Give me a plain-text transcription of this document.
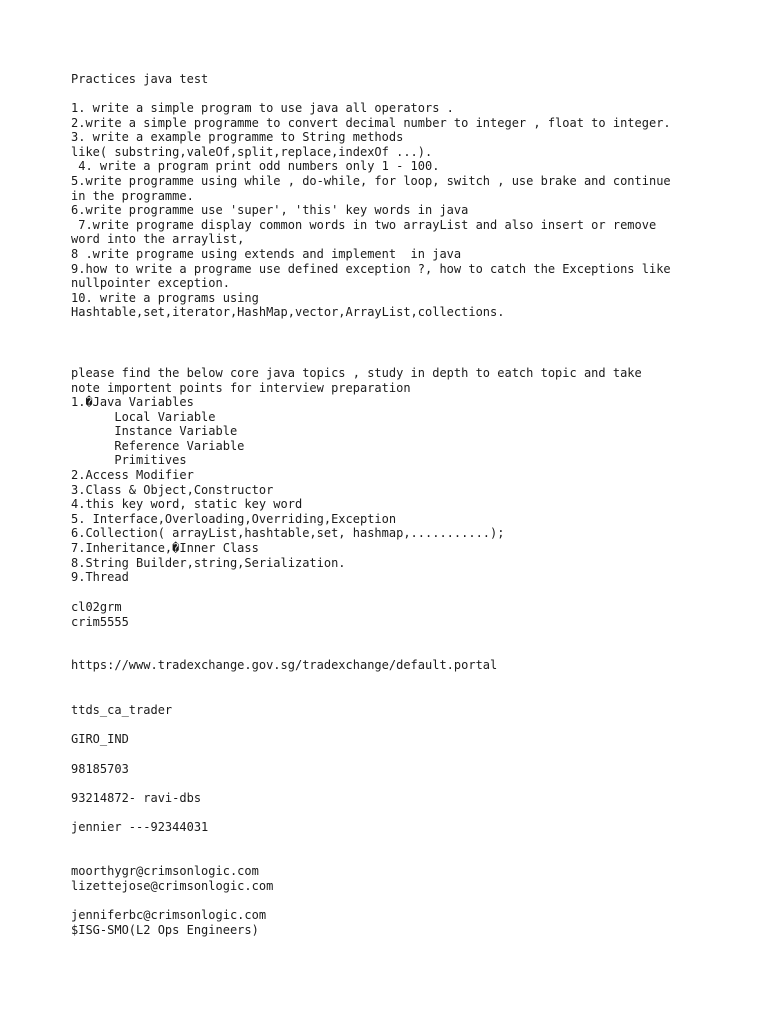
Practices java test
1. write a simple program to use java all operators .
2.write a simple programme to convert decimal number to integer , float to integer.
3. write a example programme to String methods
like( substring,valeOf,split,replace,indexOf ...).
4. write a program print odd numbers only 1 - 100.
5.write programme using while , do-while, for loop, switch , use brake and continue
in the programme.
6.write programme use 'super', 'this' key words in java
7.write programe display common words in two arrayList and also insert or remove
word into the arraylist,
8 .write programe using extends and implement  in java
9.how to write a programe use defined exception ?, how to catch the Exceptions like
nullpointer exception.
10. write a programs using
Hashtable,set,iterator,HashMap,vector,ArrayList,collections.
please find the below core java topics , study in depth to eatch topic and take
note importent points for interview preparation
1.�Java Variables
Local Variable
Instance Variable
Reference Variable
Primitives
2.Access Modifier
3.Class & Object,Constructor
4.this key word, static key word
5. Interface,Overloading,Overriding,Exception
6.Collection( arrayList,hashtable,set, hashmap,...........);
7.Inheritance,�Inner Class
8.String Builder,string,Serialization.
9.Thread
cl02grm
crim5555
https://www.tradexchange.gov.sg/tradexchange/default.portal
ttds_ca_trader
GIRO_IND
98185703
93214872- ravi-dbs
jennier ---92344031
moorthygr@crimsonlogic.com
lizettejose@crimsonlogic.com
jenniferbc@crimsonlogic.com
$ISG-SMO(L2 Ops Engineers)
